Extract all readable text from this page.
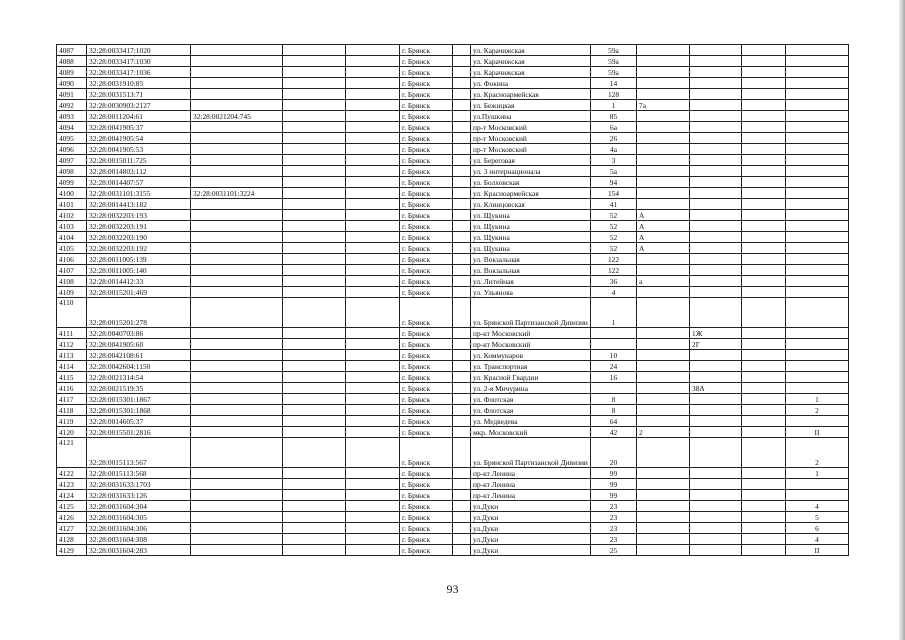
4087	32:28:0033417:1020				г. Брянск		ул. Карачижская	59а				
4088	32:28:0033417:1030				г. Брянск		ул. Карачижская	59а				
4089	32:28:0033417:1036				г. Брянск		ул. Карачижская	59а				
4090	32:28:0031910:85				г. Брянск		ул. Фокина	14				
4091	32:28:0031513:71				г. Брянск		ул. Красноармейская	128				
4092	32:28:0030903:2127				г. Брянск		ул. Бежицкая	1	7а			
4093	32:28:0011204:61	32:28:0021204:745			г. Брянск		ул.Пушкина	85				
4094	32:28:0041905:37				г. Брянск		пр-т Московский	6а				
4095	32:28:0041905:54				г. Брянск		пр-т Московский	26				
4096	32:28:0041905:53				г. Брянск		пр-т Московский	4а				
4097	32:28:0015011:725				г. Брянск		ул. Береговая	3				
4098	32:28:0014803:112				г. Брянск		ул. 3 интернационала	5а				
4099	32:28:0014407:57				г. Брянск		ул. Болховская	94				
4100	32:28:0031101:3155	32:28:0031101:3224			г. Брянск		ул. Красноармейская	154				
4101	32:28:0014413:182				г. Брянск		ул. Клинцовская	41				
4102	32:28:0032203:193				г. Брянск		ул. Щукина	52	А			
4103	32:28:0032203:191				г. Брянск		ул. Щукина	52	А			
4104	32:28:0032203:190				г. Брянск		ул. Щукина	52	А			
4105	32:28:0032203:192				г. Брянск		ул. Щукина	52	А			
4106	32:28:0011005:139				г. Брянск		ул. Вокзальная	122				
4107	32:28:0011005:140				г. Брянск		ул. Вокзальная	122				
4108	32:28:0014412:33				г. Брянск		ул. Литейная	36	а			
4109	32:28:0015201:469				г. Брянск		ул. Ульянова	4				
4110	32:28:0015201:278				г. Брянск		ул. Брянской Партизанской Дивизии	1				
4111	32:28:0040703:86				г. Брянск		пр-кт Московский			1Ж		
4112	32:28:0041905:60				г. Брянск		пр-кт Московский			2Г		
4113	32:28:0042108:61				г. Брянск		ул. Коммунаров	10				
4114	32:28:0042604:1150				г. Брянск		ул. Транспортная	24				
4115	32:28:0021314:54				г. Брянск		ул. Красной Гвардии	16				
4116	32:28:0021519:35				г. Брянск		ул. 2-я Мичурина			38А		
4117	32:28:0015301:1867				г. Брянск		ул. Флотская	8				1
4118	32:28:0015301:1868				г. Брянск		ул. Флотская	8				2
4119	32:28:0014605:37				г. Брянск		ул. Медведева	64				
4120	32:28:0015501:2816				г. Брянск		мкр. Московский	42	2			II
4121	32:28:0015113:567				г. Брянск		ул. Брянской Партизанской Дивизии	20				2
4122	32:28:0015113:568				г. Брянск		пр-кт Ленина	99				1
4123	32:28:0031633:1703				г. Брянск		пр-кт Ленина	99				
4124	32:28:0031633:126				г. Брянск		пр-кт Ленина	99				
4125	32:28:0031604:304				г. Брянск		ул.Дуки	23				4
4126	32:28:0031604:305				г. Брянск		ул.Дуки	23				5
4127	32:28:0031604:306				г. Брянск		ул.Дуки	23				6
4128	32:28:0031604:308				г. Брянск		ул.Дуки	23				4
4129	32:28:0031604:283				г. Брянск		ул.Дуки	25				II
93
